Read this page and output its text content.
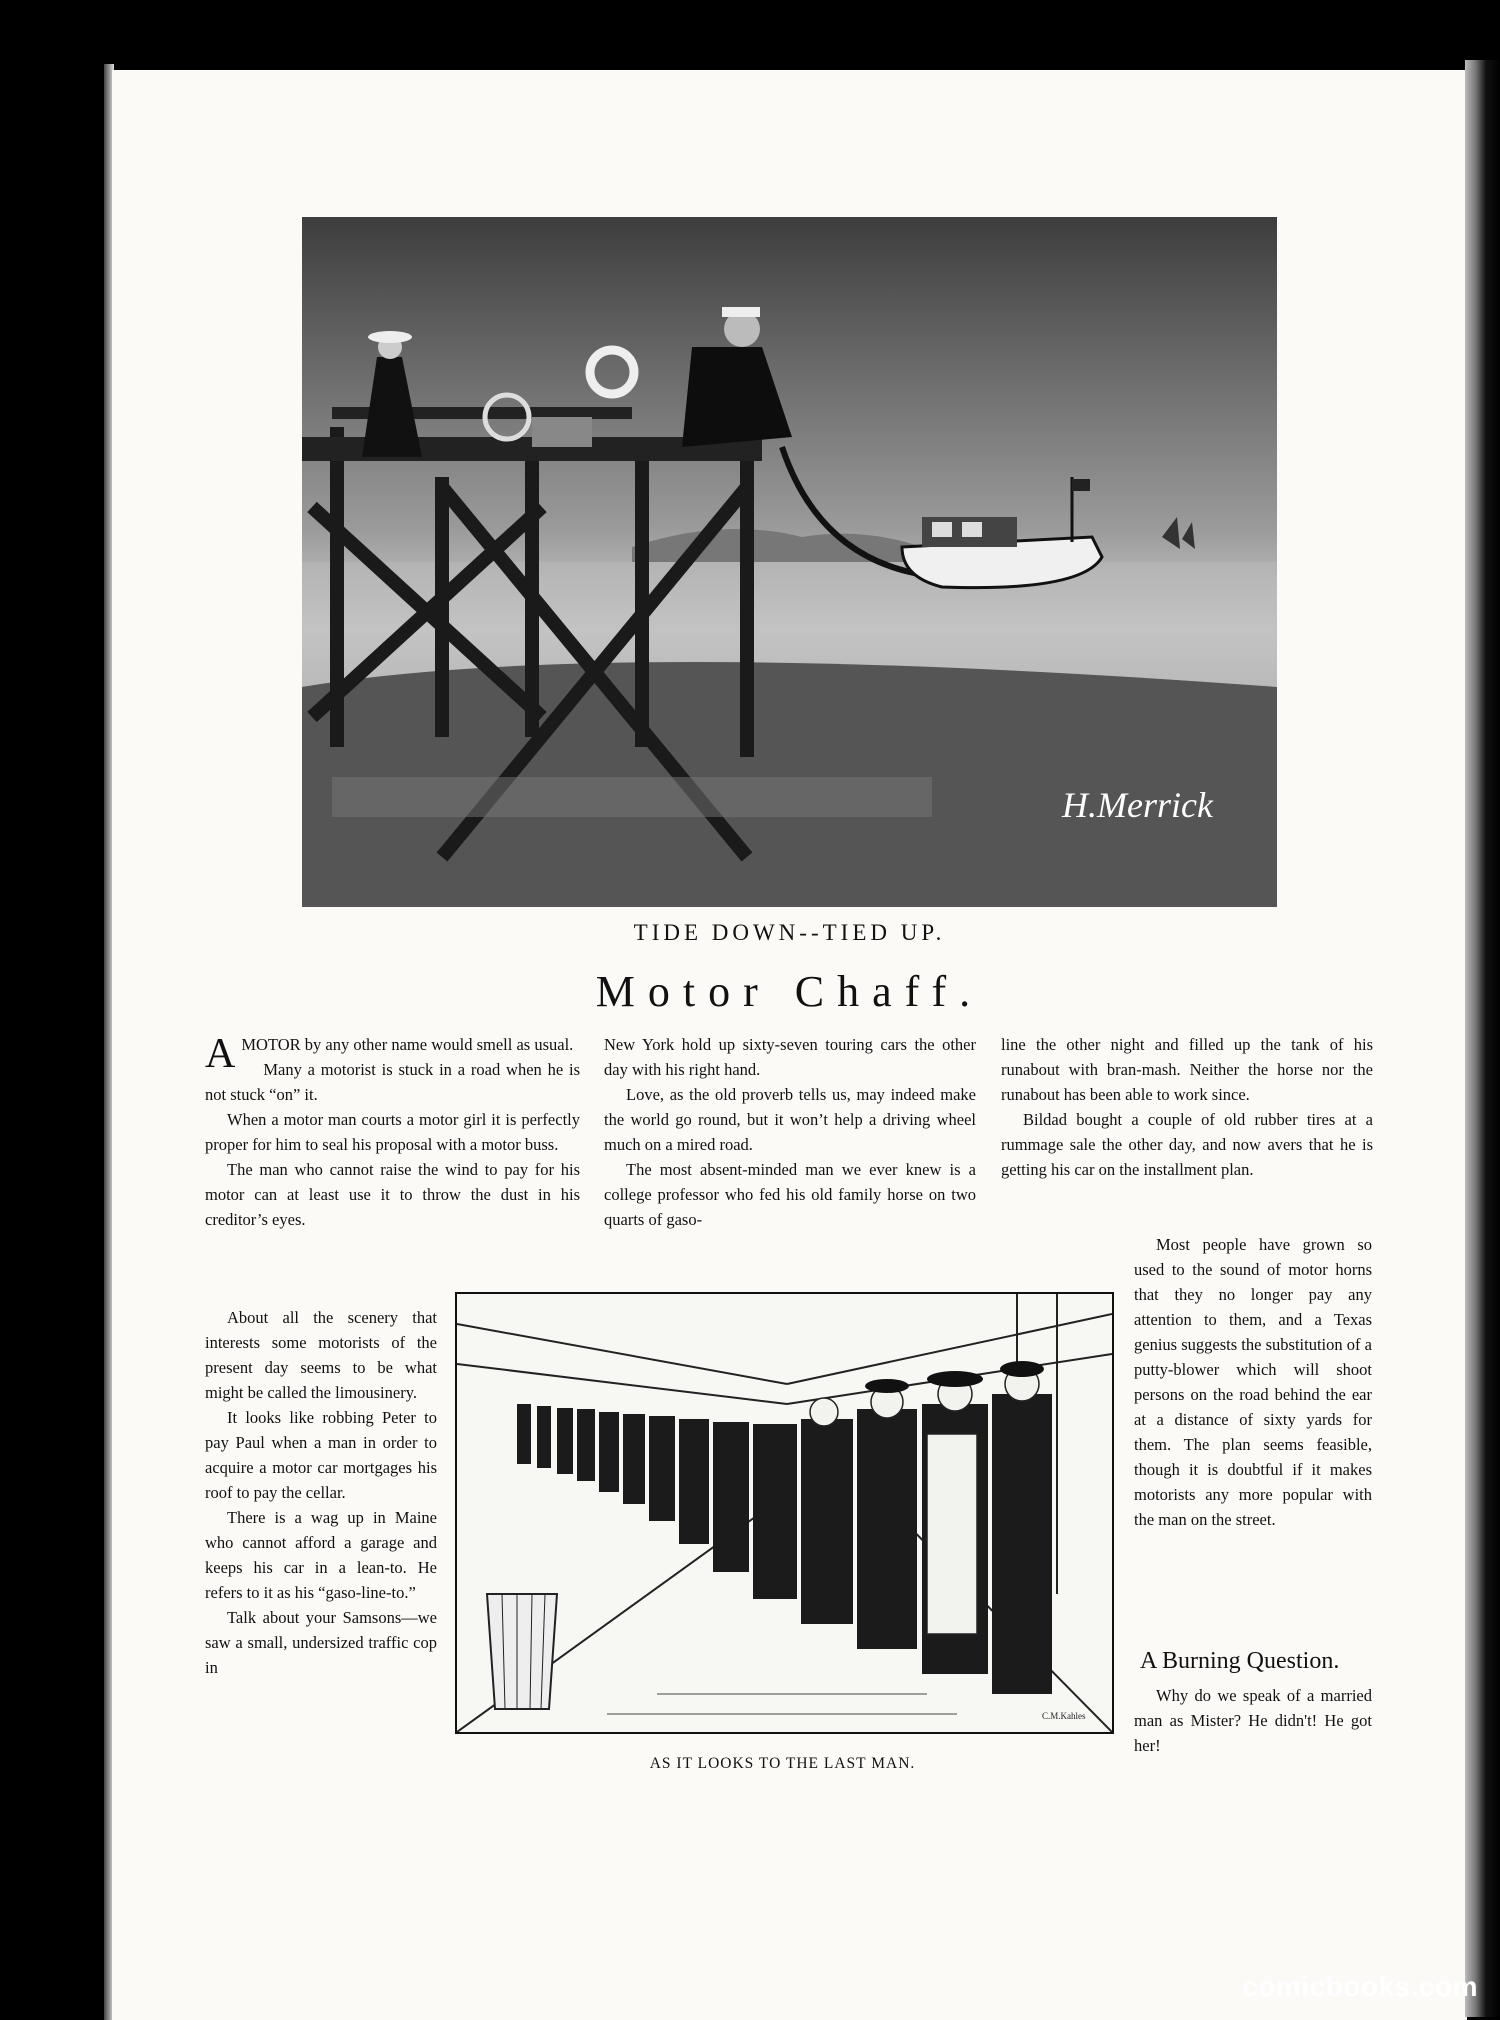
H.Merrick
TIDE DOWN--TIED UP.
Motor Chaff.

AMOTOR by any other name would smell as usual.

Many a motorist is stuck in a road when he is not stuck “on” it.

When a motor man courts a motor girl it is perfectly proper for him to seal his proposal with a motor buss.

The man who cannot raise the wind to pay for his motor can at least use it to throw the dust in his creditor’s eyes.

About all the scenery that interests some motorists of the present day seems to be what might be called the limousinery.

It looks like robbing Peter to pay Paul when a man in order to acquire a motor car mortgages his roof to pay the cellar.

There is a wag up in Maine who cannot afford a garage and keeps his car in a lean-to. He refers to it as his “gaso-line-to.”

Talk about your Samsons—we saw a small, undersized traffic cop in

New York hold up sixty-seven touring cars the other day with his right hand.

Love, as the old proverb tells us, may indeed make the world go round, but it won’t help a driving wheel much on a mired road.

The most absent-minded man we ever knew is a college professor who fed his old family horse on two quarts of gaso-

line the other night and filled up the tank of his runabout with bran-mash. Neither the horse nor the runabout has been able to work since.

Bildad bought a couple of old rubber tires at a rummage sale the other day, and now avers that he is getting his car on the installment plan.

Most people have grown so used to the sound of motor horns that they no longer pay any attention to them, and a Texas genius suggests the substitution of a putty-blower which will shoot persons on the road behind the ear at a distance of sixty yards for them. The plan seems feasible, though it is doubtful if it makes motorists any more popular with the man on the street.

A Burning Question.

Why do we speak of a married man as Mister? He didn't! He got her!

C.M.Kahles
AS IT LOOKS TO THE LAST MAN.
comicbooks.com
